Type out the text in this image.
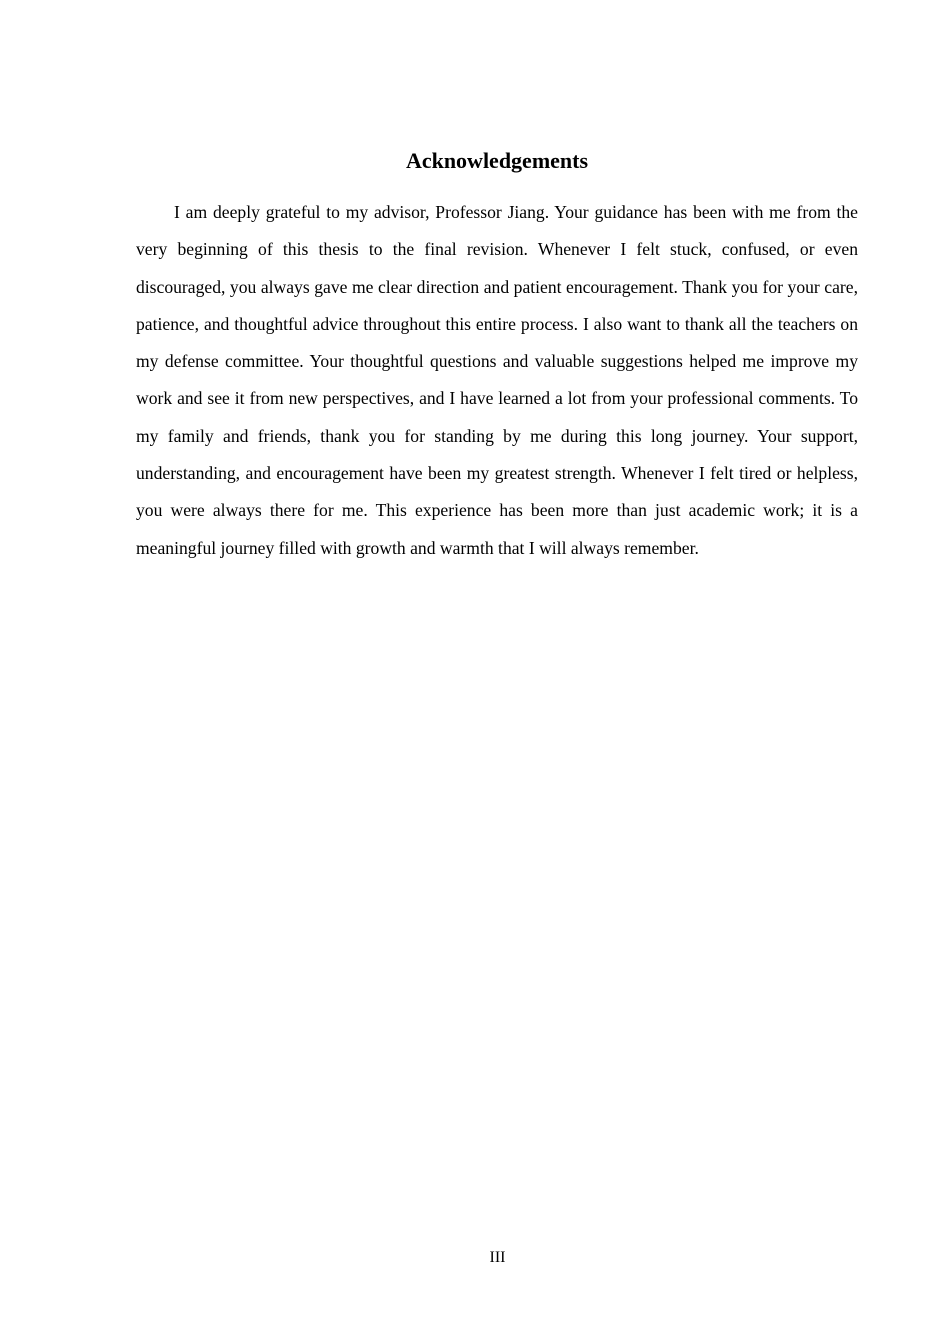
Acknowledgements

I am deeply grateful to my advisor, Professor Jiang. Your guidance has been with me from the very beginning of this thesis to the final revision. Whenever I felt stuck, confused, or even discouraged, you always gave me clear direction and patient encouragement. Thank you for your care, patience, and thoughtful advice throughout this entire process. I also want to thank all the teachers on my defense committee. Your thoughtful questions and valuable suggestions helped me improve my work and see it from new perspectives, and I have learned a lot from your professional comments. To my family and friends, thank you for standing by me during this long journey. Your support, understanding, and encouragement have been my greatest strength. Whenever I felt tired or helpless, you were always there for me. This experience has been more than just academic work; it is a meaningful journey filled with growth and warmth that I will always remember.

III
